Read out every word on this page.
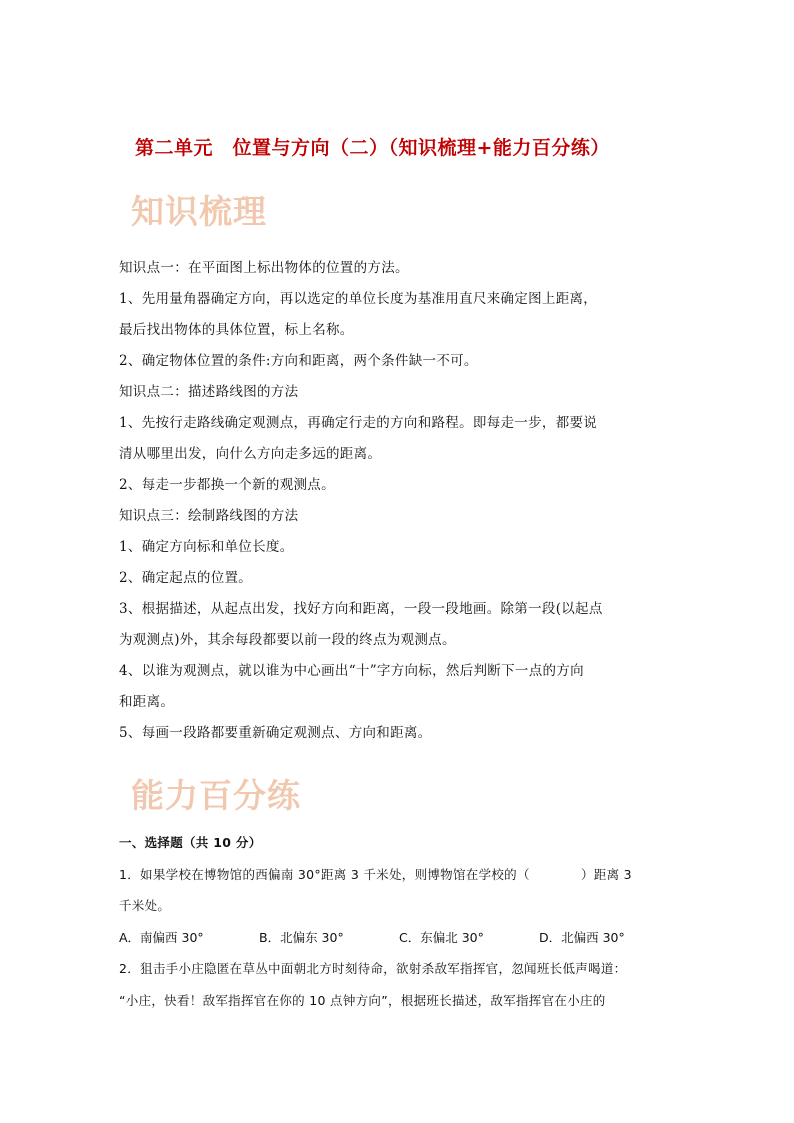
第二单元　位置与方向（二）（知识梳理+能力百分练）
知识梳理

知识点一：在平面图上标出物体的位置的方法。

1、先用量角器确定方向，再以选定的单位长度为基准用直尺来确定图上距离，

最后找出物体的具体位置，标上名称。

2、确定物体位置的条件:方向和距离，两个条件缺一不可。

知识点二：描述路线图的方法

1、先按行走路线确定观测点，再确定行走的方向和路程。即每走一步，都要说

清从哪里出发，向什么方向走多远的距离。

2、每走一步都换一个新的观测点。

知识点三：绘制路线图的方法

1、确定方向标和单位长度。

2、确定起点的位置。

3、根据描述，从起点出发，找好方向和距离，一段一段地画。除第一段(以起点

为观测点)外，其余每段都要以前一段的终点为观测点。

4、以谁为观测点，就以谁为中心画出“十”字方向标，然后判断下一点的方向

和距离。

5、每画一段路都要重新确定观测点、方向和距离。

能力百分练

一、选择题（共 10 分）

1．如果学校在博物馆的西偏南 30°距离 3 千米处，则博物馆在学校的（　　　　）距离 3

千米处。

A．南偏西 30°	B．北偏东 30°	C．东偏北 30°	D．北偏西 30°

2．狙击手小庄隐匿在草丛中面朝北方时刻待命，欲射杀敌军指挥官，忽闻班长低声喝道：

“小庄，快看！敌军指挥官在你的 10 点钟方向”，根据班长描述，敌军指挥官在小庄的
